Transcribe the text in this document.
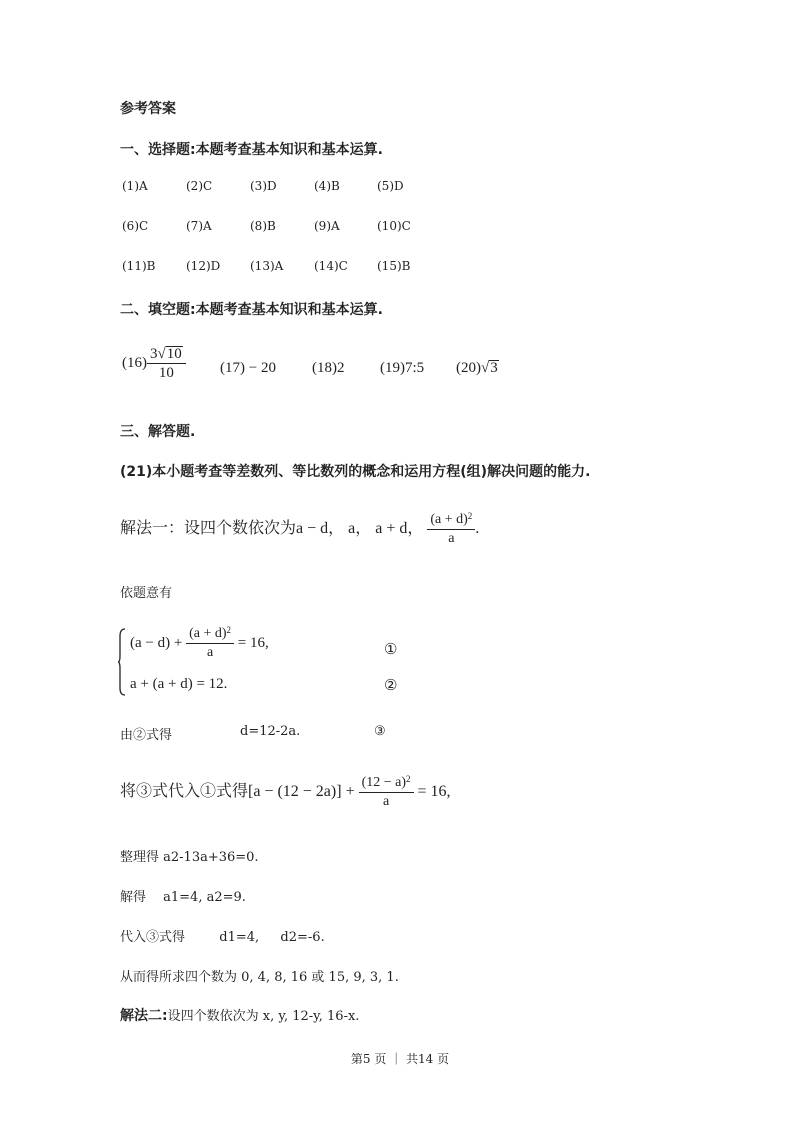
参考答案
一、选择题:本题考查基本知识和基本运算.
(1)A	(2)C	(3)D	(4)B	(5)D
(6)C	(7)A	(8)B	(9)A	(10)C
(11)B	(12)D (13)A	(14)C (15)B
二、填空题:本题考查基本知识和基本运算.
$(16) \frac{3√10}{10} (17) - 20$ (18)2 (19)7:5 (20)√3
三、解答题.
(21)本小题考查等差数列、等比数列的概念和运用方程(组)解决问题的能力.
解法一：设四个数依次为a − d， a， a + d， $\frac{(a + d)^2}{a}$ .
依题意有
$(a - d) + \frac{(a + d)^2}{a} = 16$,	①
a + (a + d) = 12.	②
由②式得	d=12-2a.	③
将③式代入①式得$[a - (12 - 2a)] + \frac{(12 - a)^2}{a} = 16$,
整理得 a2-13a+36=0.
解得 　a1=4, a2=9.
代入③式得　 　 d1=4, 　 d2=-6.
从而得所求四个数为 0, 4, 8, 16 或 15, 9, 3, 1.
解法二:设四个数依次为 x, y, 12-y, 16-x.
第5 页 ｜ 共14 页
